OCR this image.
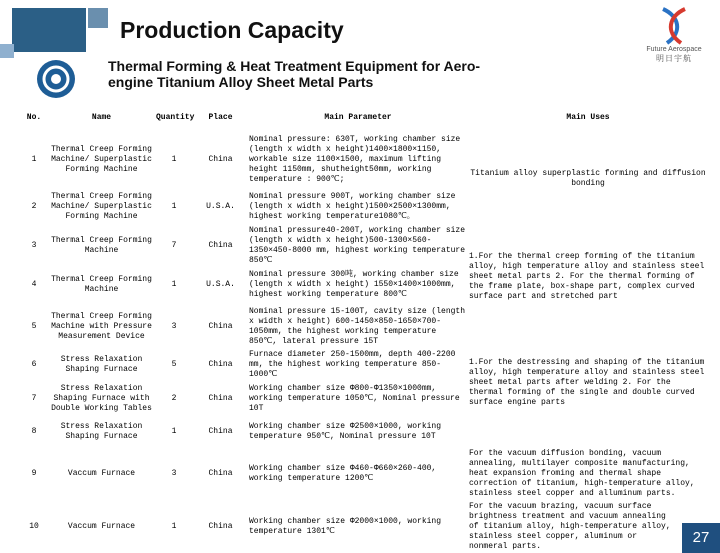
Production Capacity
Thermal Forming & Heat Treatment Equipment for Aero-engine Titanium Alloy Sheet Metal Parts
Future Aerospace
明日宇航
No.	Name	Quantity	Place	Main Parameter	Main Uses
1	Thermal Creep Forming Machine/ Superplastic Forming Machine	1	China	Nominal pressure: 630T, working chamber size (length x width x height)1400×1800×1150, workable size 1100×1500, maximum lifting height 1150mm, shutheight50mm, working temperature : 900℃;	Titanium alloy superplastic forming and diffusion bonding
2	Thermal Creep Forming Machine/ Superplastic Forming Machine	1	U.S.A.	Nominal pressure 900T, working chamber size (length x width x height)1500×2500×1300mm, highest working temperature1080℃。	
3	Thermal Creep Forming Machine	7	China	Nominal pressure40-200T, working chamber size (length x width x height)500-1300×560-1350×450-8000 mm, highest working temperature 850℃	1.For the thermal creep forming of the titanium alloy, high temperature alloy and stainless steel sheet metal parts 2. For the thermal forming of the frame plate, box-shape part, complex curved surface part and stretched part
4	Thermal Creep Forming Machine	1	U.S.A.	Nominal pressure 300吨, working chamber size (length x width x height) 1550×1400×1000mm, highest working temperature 800℃	
5	Thermal Creep Forming Machine with Pressure Measurement Device	3	China	Nominal pressure 15-100T, cavity size (length x width x height) 600-1450×850-1650×700-1050mm, the highest working temperature 850℃, lateral pressure 15T	
6	Stress Relaxation Shaping Furnace	5	China	Furnace diameter 250-1500mm, depth 400-2200 mm, the highest working temperature 850-1000℃	1.For the destressing and shaping of the titanium alloy, high temperature alloy and stainless steel sheet metal parts after welding 2. For the thermal forming of the single and double curved surface engine parts
7	Stress Relaxation Shaping Furnace with Double Working Tables	2	China	Working chamber size Φ800-Φ1350×1000mm, working temperature 1050℃, Nominal pressure 10T	
8	Stress Relaxation Shaping Furnace	1	China	Working chamber size Φ2500×1000, working temperature 950℃, Nominal pressure 10T	
9	Vaccum Furnace	3	China	Working chamber size Φ460-Φ660×260-400, working temperature 1200℃	For the vacuum diffusion bonding, vacuum annealing, multilayer composite manufacturing, heat expansion froming and thermal shape correction of titanium, high-temperature alloy, stainless steel copper and alluminum parts.
10	Vaccum Furnace	1	China	Working chamber size Φ2000×1000, working temperature 1301℃	For the vacuum brazing, vacuum surface brightness treatment and vacuum annealing of titanium alloy, high-temperature alloy, stainless steel copper, aluminum or nonmeral parts.
27
